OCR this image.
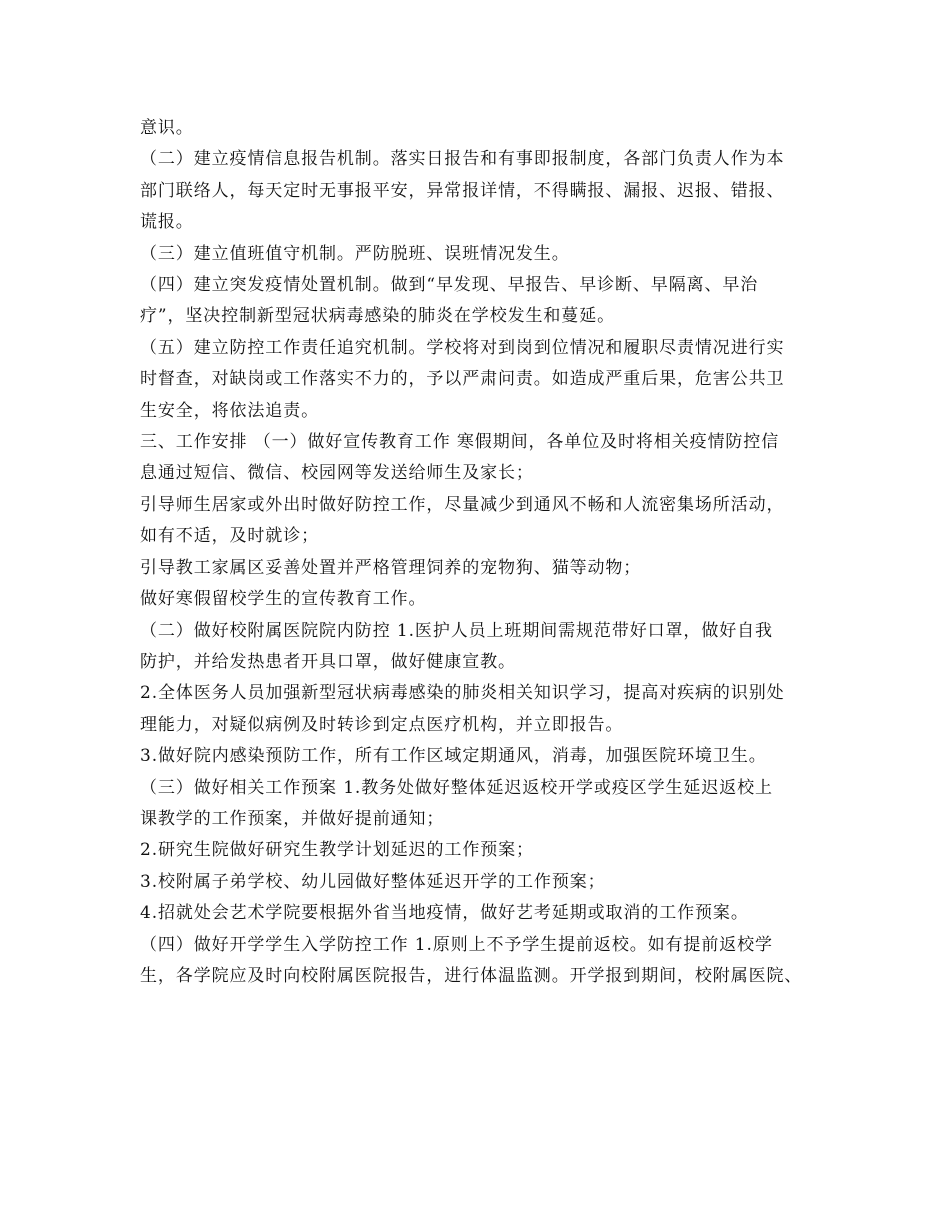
意识。

（二）建立疫情信息报告机制。落实日报告和有事即报制度，各部门负责人作为本

部门联络人，每天定时无事报平安，异常报详情，不得瞒报、漏报、迟报、错报、

谎报。

（三）建立值班值守机制。严防脱班、误班情况发生。

（四）建立突发疫情处置机制。做到“早发现、早报告、早诊断、早隔离、早治

疗”，坚决控制新型冠状病毒感染的肺炎在学校发生和蔓延。

（五）建立防控工作责任追究机制。学校将对到岗到位情况和履职尽责情况进行实

时督查，对缺岗或工作落实不力的，予以严肃问责。如造成严重后果，危害公共卫

生安全，将依法追责。

三、工作安排 （一）做好宣传教育工作 寒假期间，各单位及时将相关疫情防控信

息通过短信、微信、校园网等发送给师生及家长；

引导师生居家或外出时做好防控工作，尽量减少到通风不畅和人流密集场所活动，

如有不适，及时就诊；

引导教工家属区妥善处置并严格管理饲养的宠物狗、猫等动物；

做好寒假留校学生的宣传教育工作。

（二）做好校附属医院院内防控 1.医护人员上班期间需规范带好口罩，做好自我

防护，并给发热患者开具口罩，做好健康宣教。

2.全体医务人员加强新型冠状病毒感染的肺炎相关知识学习，提高对疾病的识别处

理能力，对疑似病例及时转诊到定点医疗机构，并立即报告。

3.做好院内感染预防工作，所有工作区域定期通风，消毒，加强医院环境卫生。

（三）做好相关工作预案 1.教务处做好整体延迟返校开学或疫区学生延迟返校上

课教学的工作预案，并做好提前通知；

2.研究生院做好研究生教学计划延迟的工作预案；

3.校附属子弟学校、幼儿园做好整体延迟开学的工作预案；

4.招就处会艺术学院要根据外省当地疫情，做好艺考延期或取消的工作预案。

（四）做好开学学生入学防控工作 1.原则上不予学生提前返校。如有提前返校学

生，各学院应及时向校附属医院报告，进行体温监测。开学报到期间，校附属医院、
